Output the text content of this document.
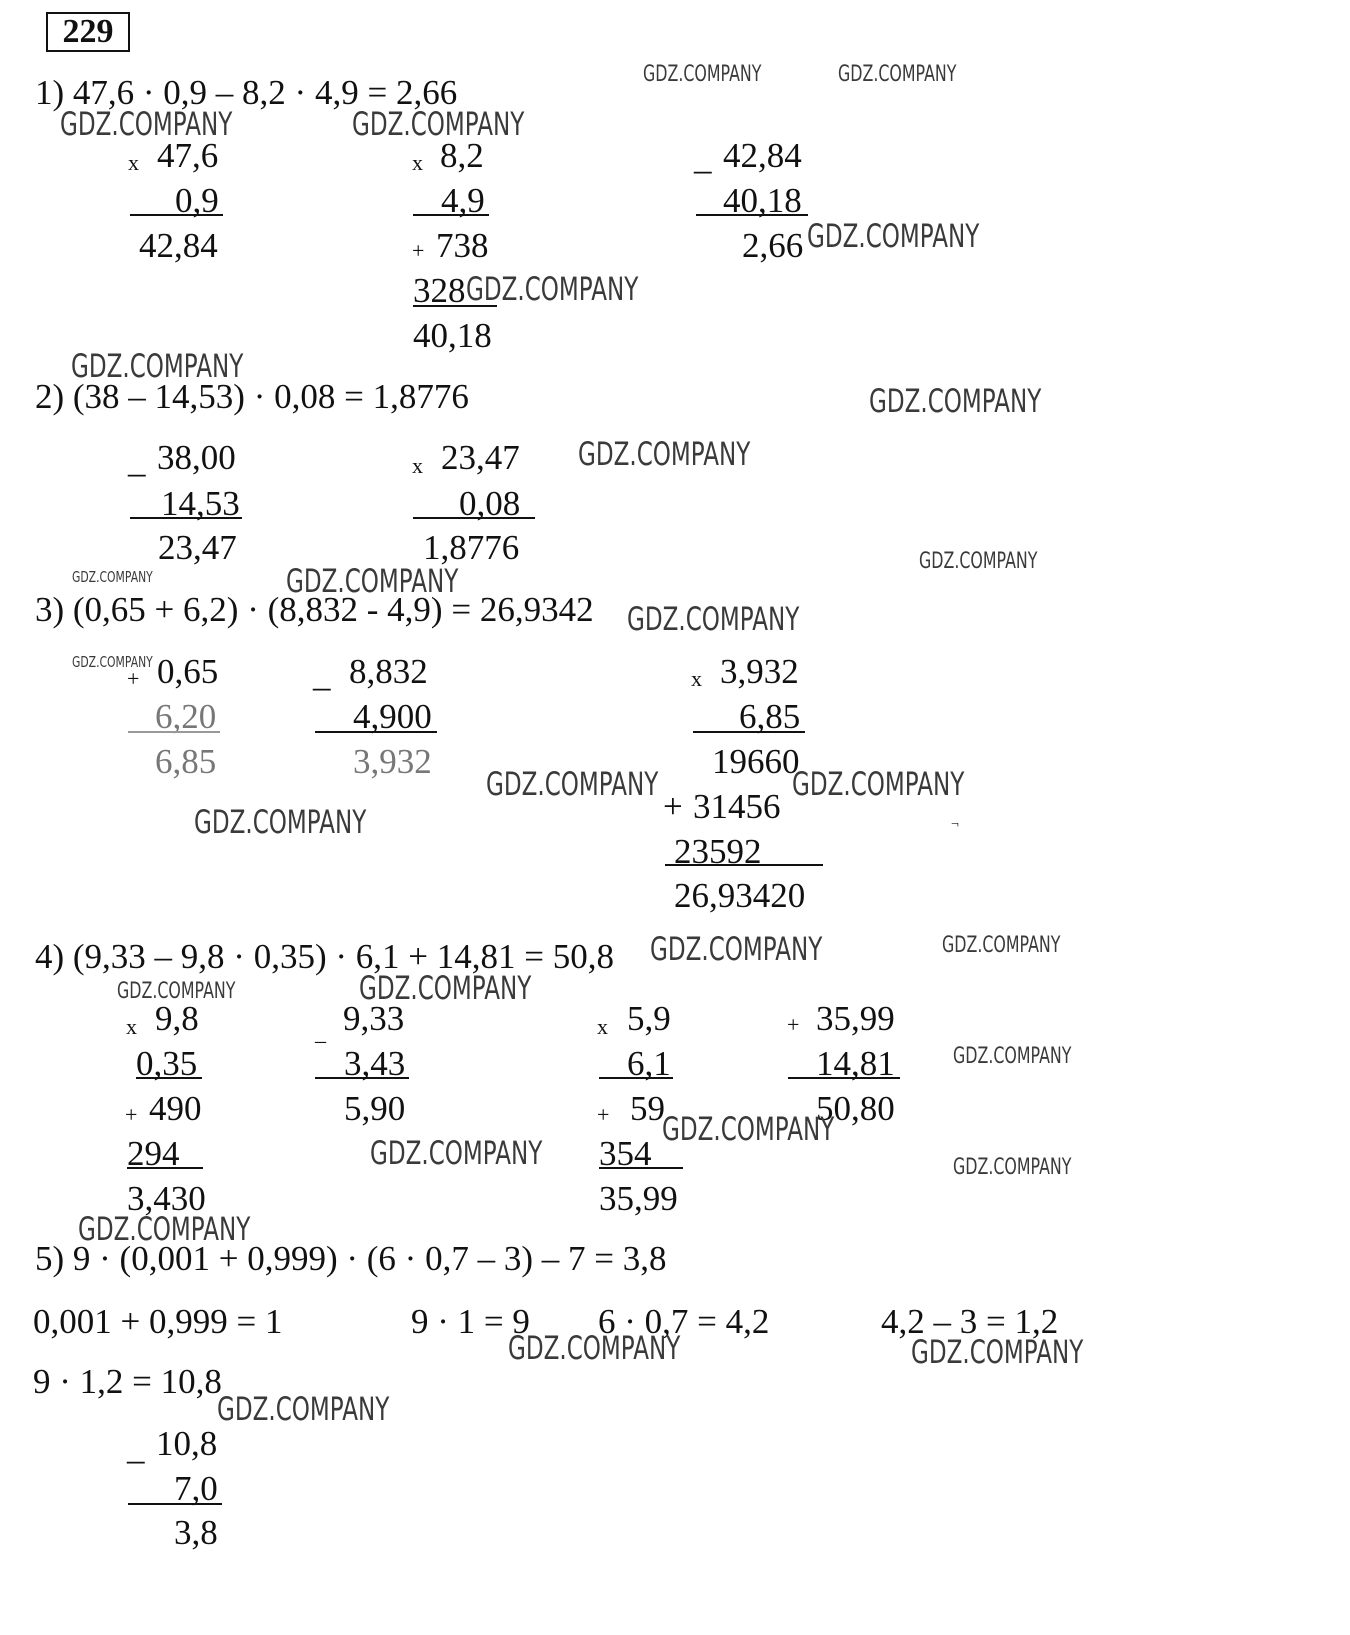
229
1) 47,6 · 0,9 – 8,2 · 4,9 = 2,66
x 47,6
0,9
42,84
x 8,2
4,9
+ 738
328
40,18
_ 42,84
40,18
2,66
2) (38 – 14,53) · 0,08 = 1,8776
_ 38,00
14,53
23,47
x 23,47
0,08
1,8776
3) (0,65 + 6,2) · (8,832 - 4,9) = 26,9342
+ 0,65
6,20
6,85
_ 8,832
4,900
3,932
x 3,932
6,85
19660
+ 31456
23592
26,93420
¬
4) (9,33 – 9,8 · 0,35) · 6,1 + 14,81 = 50,8
x 9,8
0,35
+ 490
294
3,430
_ 9,33
3,43
5,90
x 5,9
6,1
+ 59
354
35,99
+ 35,99
14,81
50,80
5) 9 · (0,001 + 0,999) · (6 · 0,7 – 3) – 7 = 3,8
0,001 + 0,999 = 1	9 · 1 = 9 6 · 0,7 = 4,2	4,2 – 3 = 1,2
9 · 1,2 = 10,8
_ 10,8
7,0
3,8
GDZ.COMPANY	GDZ.COMPANY
GDZ.COMPANY	GDZ.COMPANY
GDZ.COMPANY
GDZ.COMPANY
GDZ.COMPANY
GDZ.COMPANY
GDZ.COMPANY
GDZ.COMPANY
GDZ.COMPANY	GDZ.COMPANY
GDZ.COMPANY
GDZ.COMPANY
GDZ.COMPANY	GDZ.COMPANY
GDZ.COMPANY
GDZ.COMPANY	GDZ.COMPANY
GDZ.COMPANY	GDZ.COMPANY
GDZ.COMPANY
GDZ.COMPANY
GDZ.COMPANY	GDZ.COMPANY
GDZ.COMPANY
GDZ.COMPANY	GDZ.COMPANY
GDZ.COMPANY
